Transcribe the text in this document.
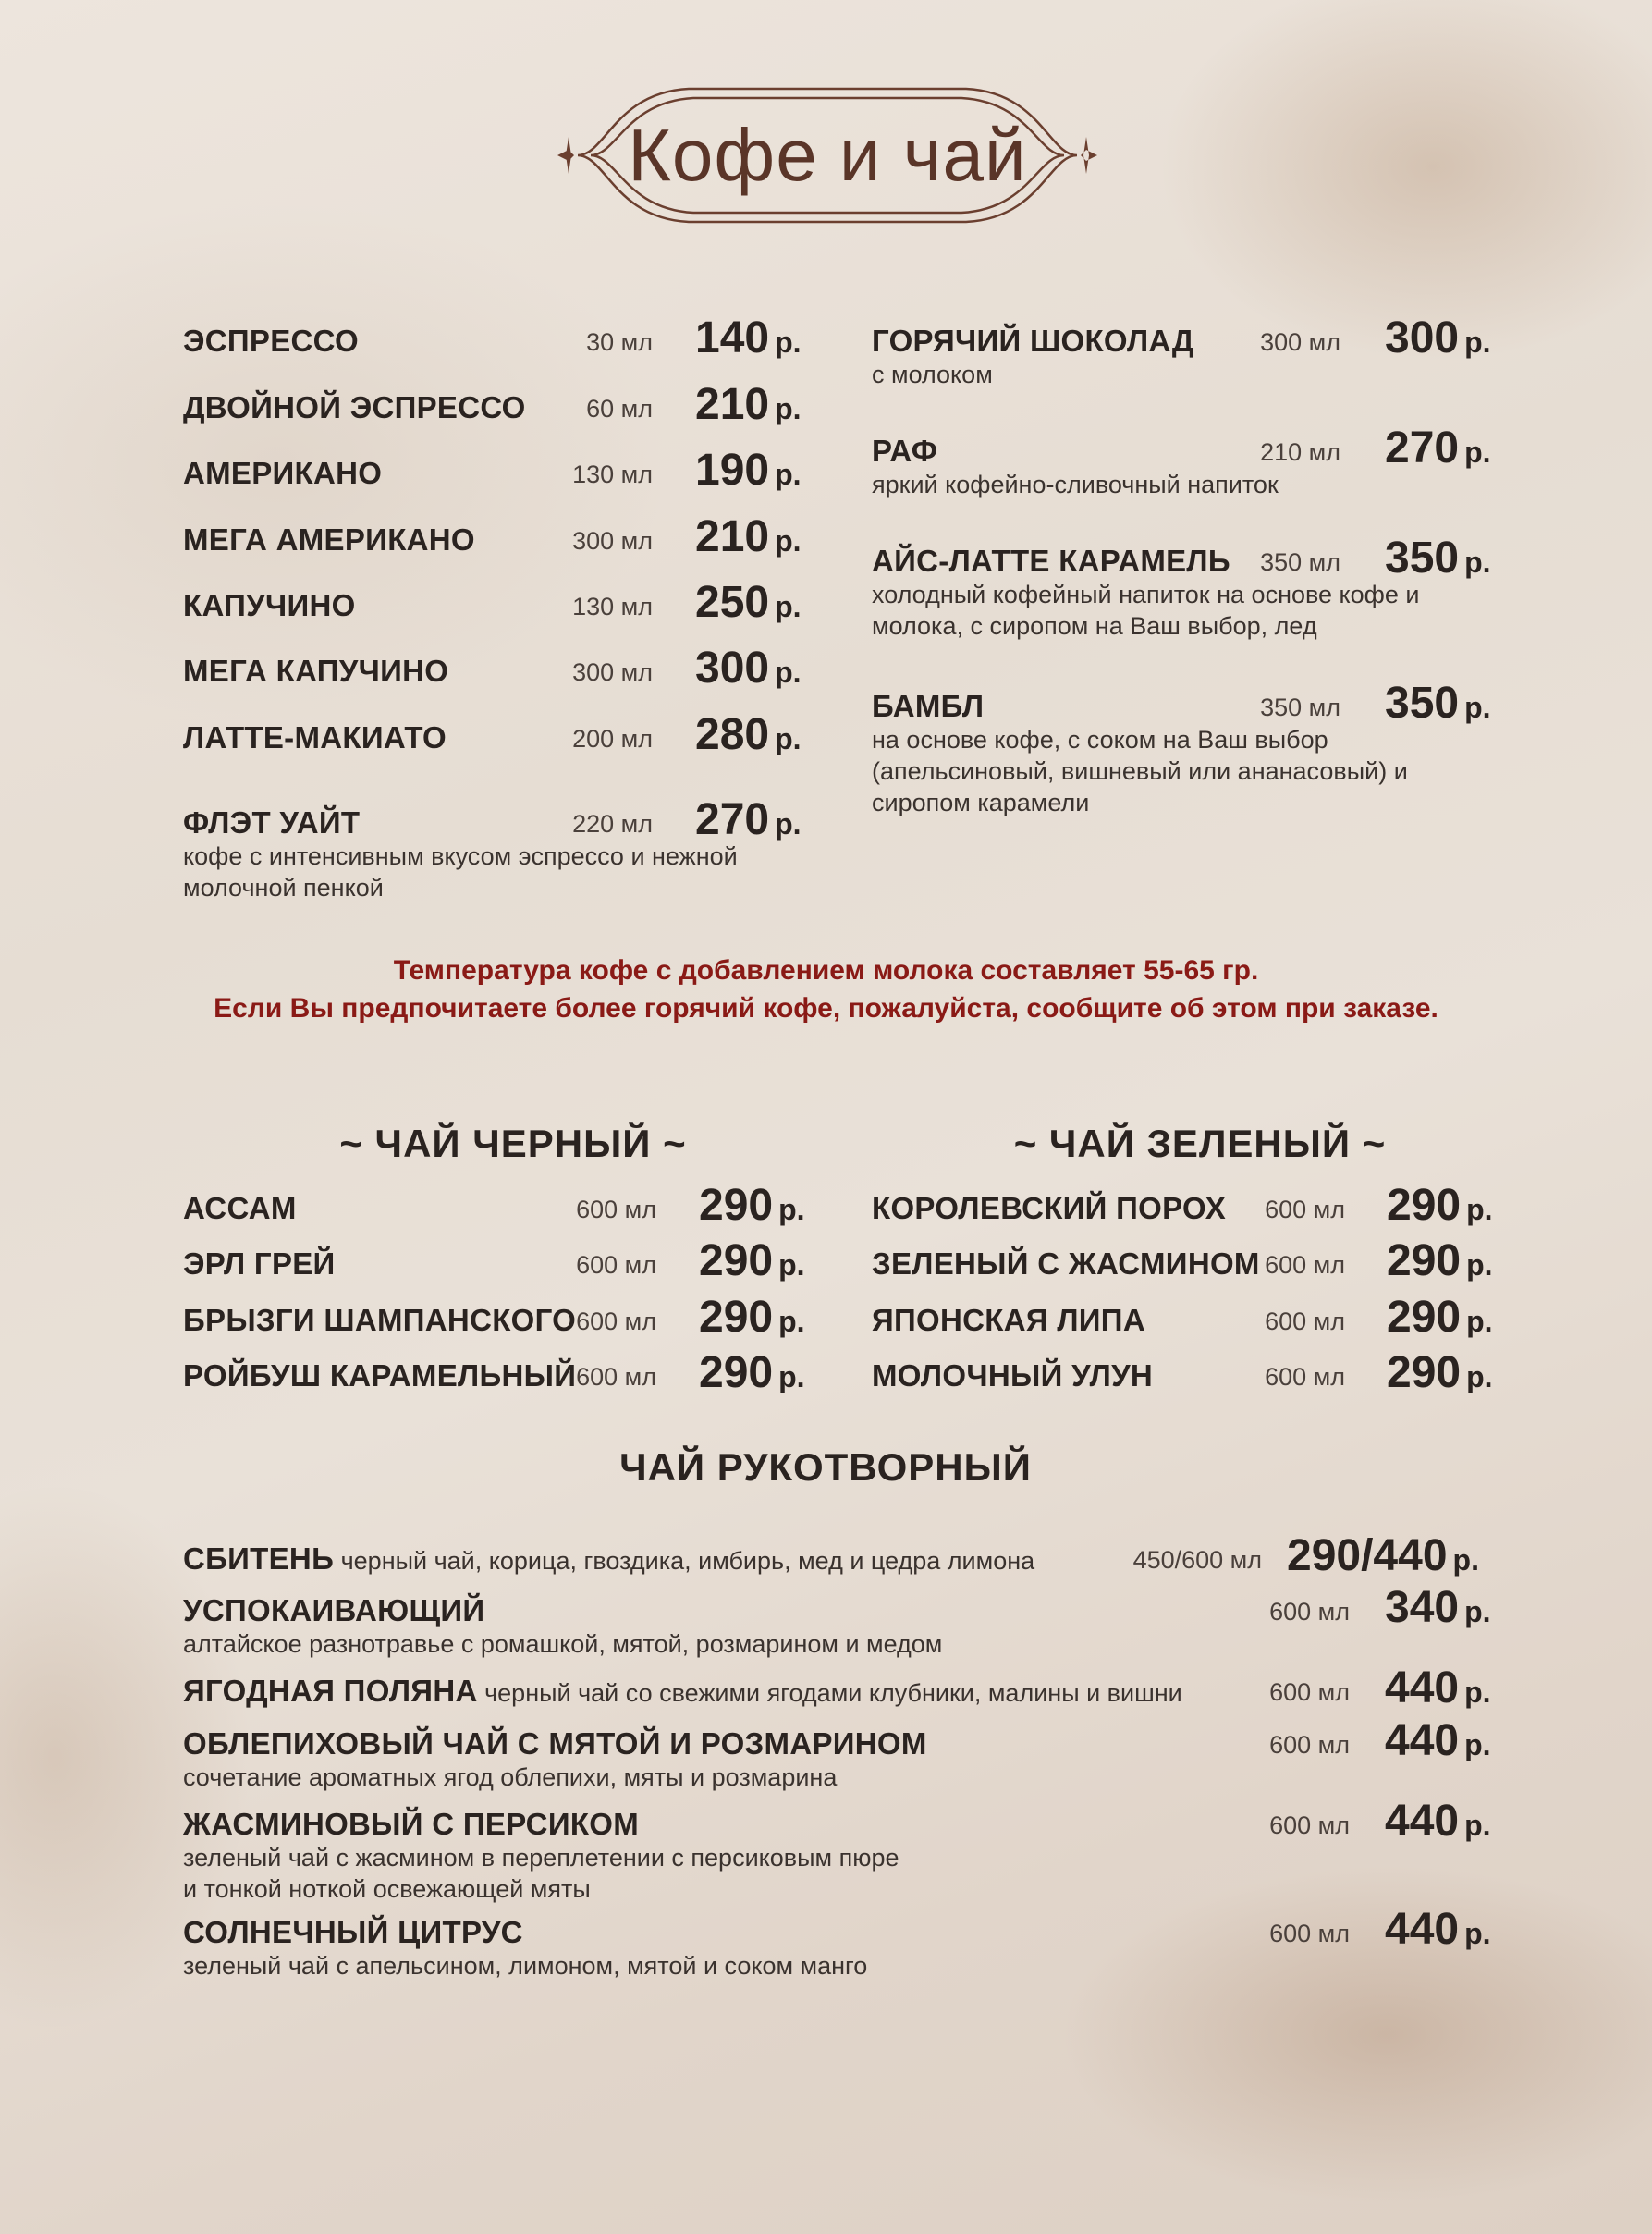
Кофе и чай
ЭСПРЕССО	30 мл 140 р.
ДВОЙНОЙ ЭСПРЕССО	60 мл 210 р.
АМЕРИКАНО	130 мл 190 р.
МЕГА АМЕРИКАНО	300 мл 210 р.
КАПУЧИНО	130 мл 250 р.
МЕГА КАПУЧИНО	300 мл 300 р.
ЛАТТЕ-МАКИАТО	200 мл 280 р.
ФЛЭТ УАЙТ	220 мл 270 р.
кофе с интенсивным вкусом эспрессо и нежной
молочной пенкой
ГОРЯЧИЙ ШОКОЛАД	300 мл 300 р.
с молоком
РАФ	210 мл 270 р.
яркий кофейно-сливочный напиток
АЙС-ЛАТТЕ КАРАМЕЛЬ	350 мл 350 р.
холодный кофейный напиток на основе кофе и
молока, с сиропом на Ваш выбор, лед
БАМБЛ	350 мл 350 р.
на основе кофе, с соком на Ваш выбор
(апельсиновый, вишневый или ананасовый) и
сиропом карамели
Температура кофе с добавлением молока составляет 55-65 гр.
Если Вы предпочитаете более горячий кофе, пожалуйста, сообщите об этом при заказе.
~ ЧАЙ ЧЕРНЫЙ ~	~ ЧАЙ ЗЕЛЕНЫЙ ~
АССАМ	600 мл 290 р.
ЭРЛ ГРЕЙ	600 мл 290 р.
БРЫЗГИ ШАМПАНСКОГО 600 мл 290 р.
РОЙБУШ КАРАМЕЛЬНЫЙ 600 мл 290 р.
КОРОЛЕВСКИЙ ПОРОХ	600 мл 290 р.
ЗЕЛЕНЫЙ С ЖАСМИНОМ 600 мл 290 р.
ЯПОНСКАЯ ЛИПА	600 мл 290 р.
МОЛОЧНЫЙ УЛУН	600 мл 290 р.
ЧАЙ РУКОТВОРНЫЙ
СБИТЕНЬ черный чай, корица, гвоздика, имбирь, мед и цедра лимона	450/600 мл 290/440 р.
УСПОКАИВАЮЩИЙ	600 мл 340 р.
алтайское разнотравье с ромашкой, мятой, розмарином и медом
ЯГОДНАЯ ПОЛЯНА черный чай со свежими ягодами клубники, малины и вишни	600 мл 440 р.
ОБЛЕПИХОВЫЙ ЧАЙ С МЯТОЙ И РОЗМАРИНОМ	600 мл 440 р.
сочетание ароматных ягод облепихи, мяты и розмарина
ЖАСМИНОВЫЙ С ПЕРСИКОМ	600 мл 440 р.
зеленый чай с жасмином в переплетении с персиковым пюре
и тонкой ноткой освежающей мяты
СОЛНЕЧНЫЙ ЦИТРУС	600 мл 440 р.
зеленый чай с апельсином, лимоном, мятой и соком манго
